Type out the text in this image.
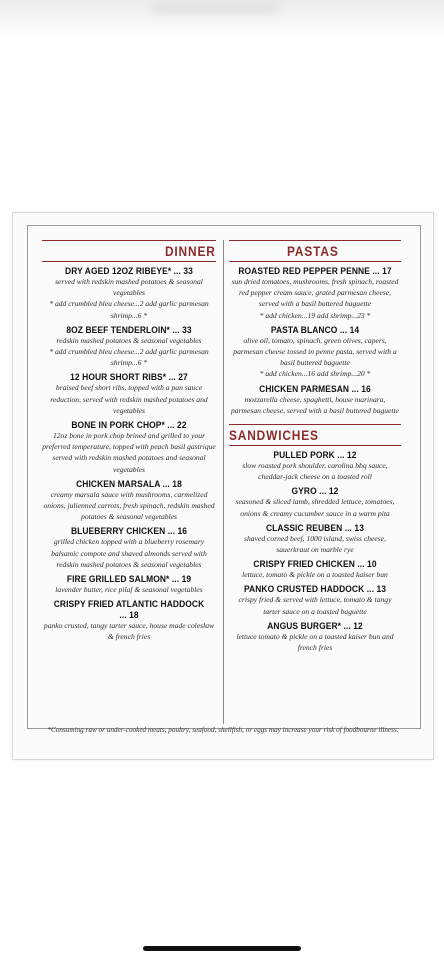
DINNER
DRY AGED 12OZ RIBEYE* ... 33
served with redskin mashed potatoes & seasonal vegetables
* add crumbled bleu cheese...2 add garlic parmesan shrimp...6 *
8OZ BEEF TENDERLOIN* ... 33
redskin mashed potatoes & seasonal vegetables
* add crumbled bleu cheese...2 add garlic parmesan shrimp...6 *
12 HOUR SHORT RIBS* ... 27
braised beef short ribs, topped with a pan sauce reduction, served with redskin mashed potatoes and vegetables
BONE IN PORK CHOP* ... 22
12oz bone in pork chop brined and grilled to your preferred temperature, topped with peach basil gastrique served with redskin mashed potatoes and seasonal vegetables
CHICKEN MARSALA ... 18
creamy marsala sauce with mushrooms, carmelized onions, julienned carrots, fresh spinach, redskin mashed potatoes & seasonal vegetables
BLUEBERRY CHICKEN ... 16
grilled chicken topped with a blueberry rosemary balsamic compote and shaved almonds served with redskin mashed potatoes & seasonal vegetables
FIRE GRILLED SALMON* ... 19
lavender butter, rice pilaf & seasonal vegetables
CRISPY FRIED ATLANTIC HADDOCK ... 18
panko crusted, tangy tarter sauce, house made coleslaw & french fries
PASTAS
ROASTED RED PEPPER PENNE ... 17
sun dried tomatoes, mushrooms, fresh spinach, roasted red pepper cream sauce, grated parmesan cheese, served with a basil buttered baguette
* add chicken...19 add shrimp...23 *
PASTA BLANCO ... 14
olive oil, tomato, spinach, green olives, capers, parmesan cheese tossed in penne pasta, served with a basil buttered baguette
* add chicken...16 add shrimp...20 *
CHICKEN PARMESAN ... 16
mozzarella cheese, spaghetti, house marinara, parmesan cheese, served with a basil buttered baguette
SANDWICHES
PULLED PORK ... 12
slow roasted pork shoulder, carolina bbq sauce, cheddar-jack cheese on a toasted roll
GYRO ... 12
seasoned & sliced lamb, shredded lettuce, tomatoes, onions & creamy cucumber sauce in a warm pita
CLASSIC REUBEN ... 13
shaved corned beef, 1000 island, swiss cheese, sauerkraut on marble rye
CRISPY FRIED CHICKEN ... 10
lettuce, tomato & pickle on a toasted kaiser bun
PANKO CRUSTED HADDOCK ... 13
crispy fried & served with lettuce, tomato & tangy tarter sauce on a toasted baguette
ANGUS BURGER* ... 12
lettuce tomato & pickle on a toasted kaiser bun and french fries
*Consuming raw or under-cooked meats, poultry, seafood, shellfish, or eggs may increase your risk of foodbourne illness.
